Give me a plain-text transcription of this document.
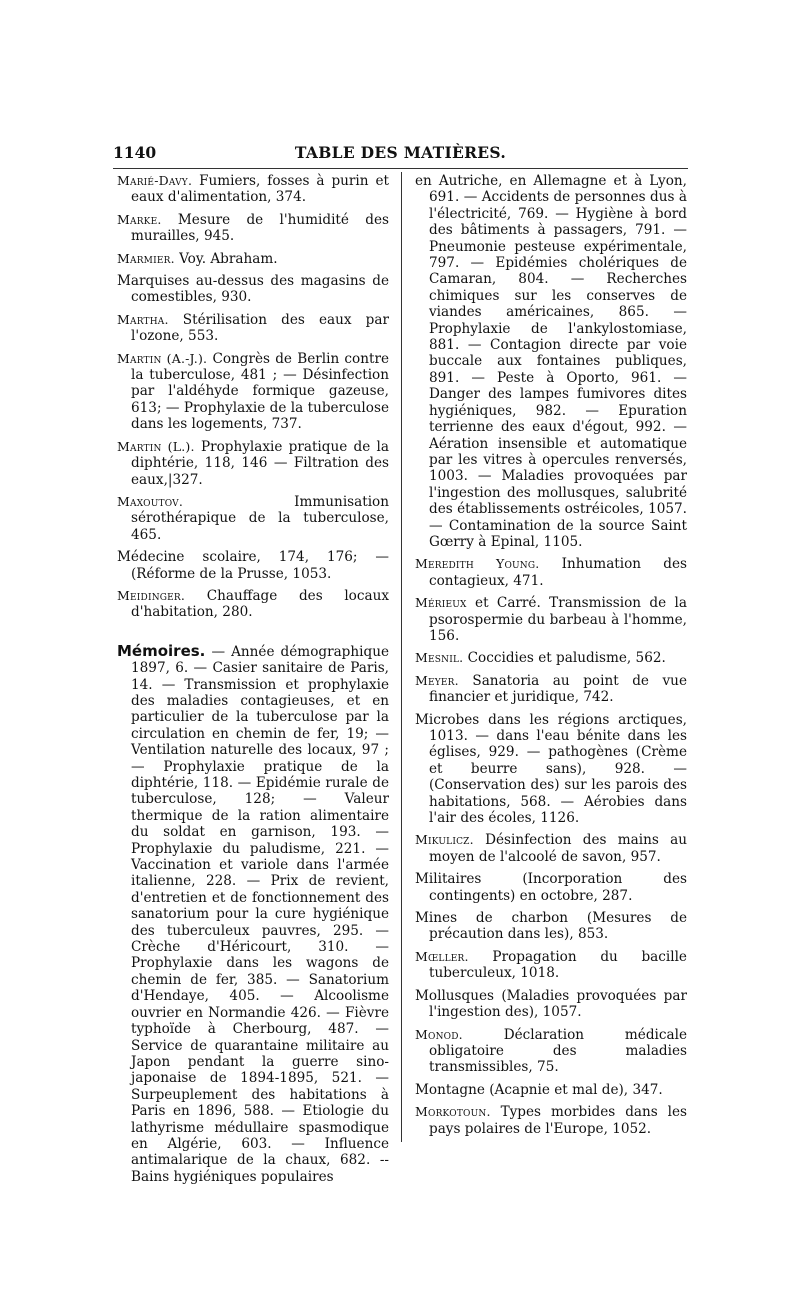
1140	TABLE DES MATIÈRES.

Marié-Davy. Fumiers, fosses à purin et eaux d'alimentation, 374.

Marke. Mesure de l'humidité des murailles, 945.

Marmier. Voy. Abraham.

Marquises au-dessus des magasins de comestibles, 930.

Martha. Stérilisation des eaux par l'ozone, 553.

Martin (A.-J.). Congrès de Berlin contre la tuberculose, 481 ; — Désinfection par l'aldéhyde formique gazeuse, 613; — Prophylaxie de la tuberculose dans les logements, 737.

Martin (L.). Prophylaxie pratique de la diphtérie, 118, 146 — Filtration des eaux,|327.

Maxoutov.	Immunisation sérothérapique de la tuberculose, 465.

Médecine scolaire, 174, 176; — (Réforme de la Prusse, 1053.

Meidinger. Chauffage des locaux d'habitation, 280.

Mémoires. — Année démographique 1897, 6. — Casier sanitaire de Paris, 14. — Transmission et prophylaxie des maladies contagieuses, et en particulier de la tuberculose par la circulation en chemin de fer, 19; — Ventilation naturelle des locaux, 97 ; — Prophylaxie pratique de la diphtérie, 118. — Epidémie rurale de tuberculose, 128; — Valeur thermique de la ration alimentaire du soldat en garnison, 193. — Prophylaxie du paludisme, 221. — Vaccination et variole dans l'armée italienne, 228. — Prix de revient, d'entretien et de fonctionnement des sanatorium pour la cure hygiénique des tuberculeux pauvres, 295. — Crèche d'Héricourt, 310. — Prophylaxie dans les wagons de chemin de fer, 385. — Sanatorium d'Hendaye, 405. — Alcoolisme ouvrier en Normandie 426. — Fièvre typhoïde à Cherbourg, 487. — Service de quarantaine militaire au Japon pendant la guerre sino-japonaise de 1894-1895, 521. — Surpeuplement des habitations à Paris en 1896, 588. — Etiologie du lathyrisme médullaire spasmodique en Algérie, 603. — Influence antimalarique de la chaux, 682. -- Bains hygiéniques populaires

en Autriche, en Allemagne et à Lyon, 691. — Accidents de personnes dus à l'électricité, 769. — Hygiène à bord des bâtiments à passagers, 791. — Pneumonie pesteuse expérimentale, 797. — Epidémies cholériques de Camaran, 804. — Recherches chimiques sur les conserves de viandes américaines, 865. — Prophylaxie de l'ankylostomiase, 881. — Contagion directe par voie buccale aux fontaines publiques, 891. — Peste à Oporto, 961. — Danger des lampes fumivores dites hygiéniques, 982. — Epuration terrienne des eaux d'égout, 992. — Aération insensible et automatique par les vitres à opercules renversés, 1003. — Maladies provoquées par l'ingestion des mollusques, salubrité des établissements ostréicoles, 1057. — Contamination de la source Saint Gœrry à Epinal, 1105.

Meredith Young. Inhumation des contagieux, 471.

Mérieux et Carré. Transmission de la psorospermie du barbeau à l'homme, 156.

Mesnil. Coccidies et paludisme, 562.

Meyer. Sanatoria au point de vue financier et juridique, 742.

Microbes dans les régions arctiques, 1013. — dans l'eau bénite dans les églises, 929. — pathogènes (Crème et beurre sans), 928. — (Conservation des) sur les parois des habitations, 568. — Aérobies dans l'air des écoles, 1126.

Mikulicz. Désinfection des mains au moyen de l'alcoolé de savon, 957.

Militaires (Incorporation des contingents) en octobre, 287.

Mines de charbon (Mesures de précaution dans les), 853.

Mœller. Propagation du bacille tuberculeux, 1018.

Mollusques (Maladies provoquées par l'ingestion des), 1057.

Monod.	Déclaration médicale obligatoire des maladies transmissibles, 75.

Montagne (Acapnie et mal de), 347.

Morkotoun. Types morbides dans les pays polaires de l'Europe, 1052.
